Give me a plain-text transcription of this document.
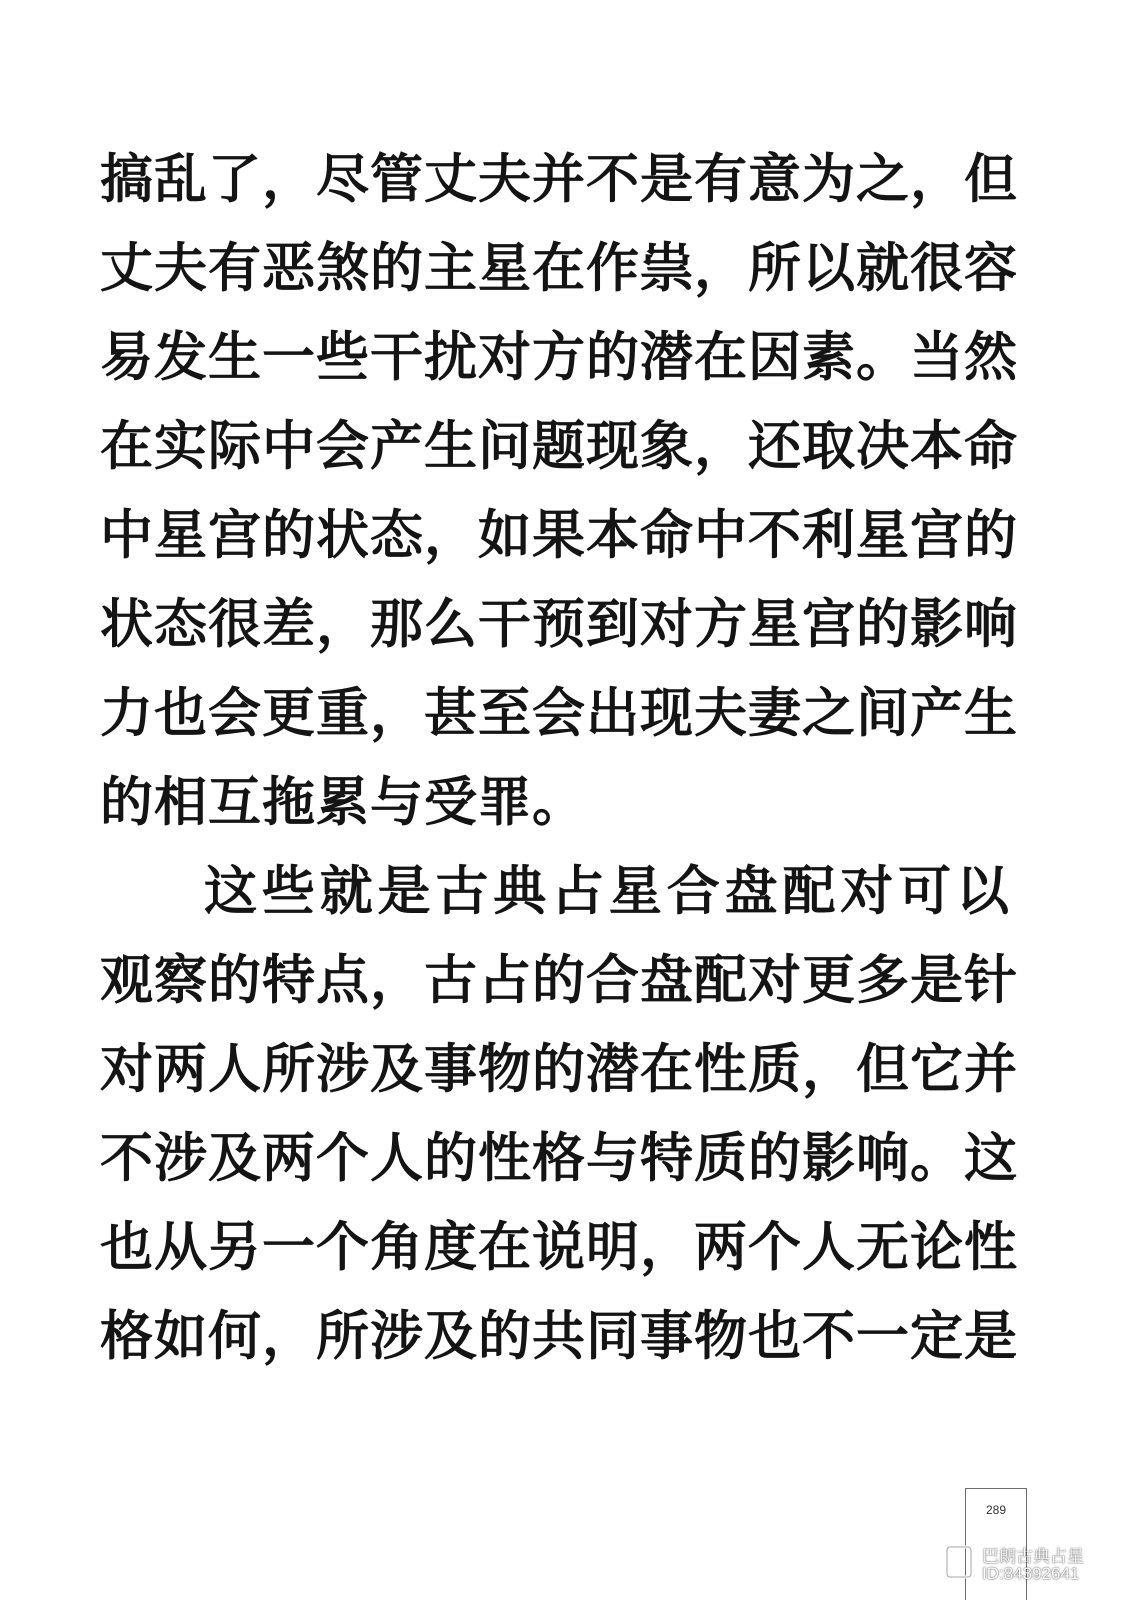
搞乱了，尽管丈夫并不是有意为之，但
丈夫有恶煞的主星在作祟，所以就很容
易发生一些干扰对方的潜在因素。当然
在实际中会产生问题现象，还取决本命
中星宫的状态，如果本命中不利星宫的
状态很差，那么干预到对方星宫的影响
力也会更重，甚至会出现夫妻之间产生
的相互拖累与受罪。
这些就是古典占星合盘配对可以
观察的特点，古占的合盘配对更多是针
对两人所涉及事物的潜在性质，但它并
不涉及两个人的性格与特质的影响。这
也从另一个角度在说明，两个人无论性
格如何，所涉及的共同事物也不一定是
289
巴朗古典占星
ID:84392641
